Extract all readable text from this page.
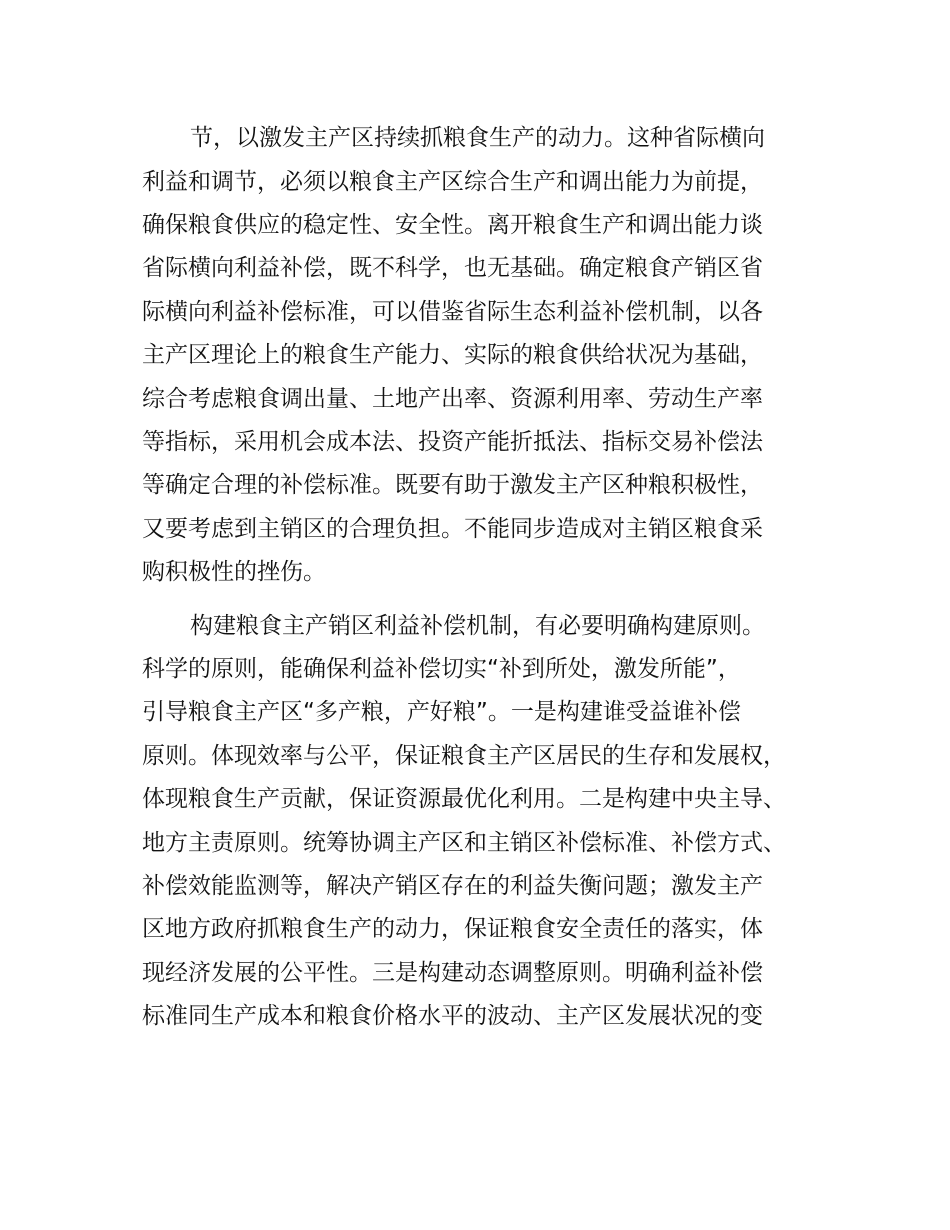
节，以激发主产区持续抓粮食生产的动力。这种省际横向

利益和调节，必须以粮食主产区综合生产和调出能力为前提，

确保粮食供应的稳定性、安全性。离开粮食生产和调出能力谈

省际横向利益补偿，既不科学，也无基础。确定粮食产销区省

际横向利益补偿标准，可以借鉴省际生态利益补偿机制，以各

主产区理论上的粮食生产能力、实际的粮食供给状况为基础，

综合考虑粮食调出量、土地产出率、资源利用率、劳动生产率

等指标，采用机会成本法、投资产能折抵法、指标交易补偿法

等确定合理的补偿标准。既要有助于激发主产区种粮积极性，

又要考虑到主销区的合理负担。不能同步造成对主销区粮食采

购积极性的挫伤。

构建粮食主产销区利益补偿机制，有必要明确构建原则。

科学的原则，能确保利益补偿切实“补到所处，激发所能”，

引导粮食主产区“多产粮，产好粮”。一是构建谁受益谁补偿

原则。体现效率与公平，保证粮食主产区居民的生存和发展权，

体现粮食生产贡献，保证资源最优化利用。二是构建中央主导、

地方主责原则。统筹协调主产区和主销区补偿标准、补偿方式、

补偿效能监测等，解决产销区存在的利益失衡问题；激发主产

区地方政府抓粮食生产的动力，保证粮食安全责任的落实，体

现经济发展的公平性。三是构建动态调整原则。明确利益补偿

标准同生产成本和粮食价格水平的波动、主产区发展状况的变
